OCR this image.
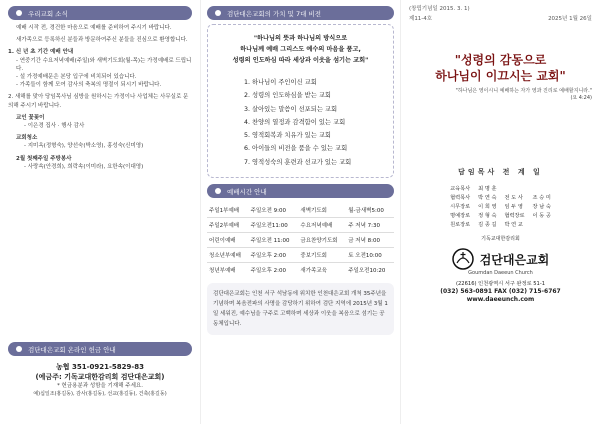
우리교회 소식

예배 시작 전, 경건한 마음으로 예배를 준비하여 주시기 바랍니다.

새가족으로 등록하신 분들과 방문하여주신 분들을 진심으로 환영합니다.

1. 신 년 초 기간 예배 안내

- 연중기간 수요저녁예배(주일)와 새벽기도회(월-목)는 가정예배로 드립니다.

- 설 가정예배문은 본당 입구에 비치되어 있습니다.

- 가족들이 함께 모여 감사의 축복의 명절이 되시기 바랍니다.

2. 새해를 맞아 당임목사님 심방을 원하시는 가정이나 사업체는 사무실로 문의해 주시기 바랍니다.

교인 꽃꽂이

- 이은경 집사 · 행사 감사

교회청소

- 지미옥(정형숙), 양선숙(박소영), 홍성숙(신미영)

2월 첫째주일 주방봉사

- 사랑속(안경희), 희락속(이미라), 요한속(이대영)

검단대은교회 온라인 헌금 안내
농협 351-0921-5829-83
(예금주: 기독교대한감리회 검단대은교회)
* 헌금용분과 성함을 기재해 주세요.
예)십일조(홍길동), 감사(홍길동), 선교(홍길동), 건축(홍길동)
검단대은교회의 가치 및 7대 비전
"하나님의 뜻과 하나님의 방식으로
하나님께 예배 그리스도 예수의 마음을 품고,
성령의 인도하심 따라 세상과 이웃을 섬기는 교회"
1. 하나님이 주인이신 교회
2. 성령의 인도하심을 받는 교회
3. 살아있는 말씀이 선포되는 교회
4. 찬양의 열정과 감격함이 있는 교회
5. 영적회복과 치유가 있는 교회
6. 아이들의 비전을 품을 수 있는 교회
7. 영적성숙의 훈련과 선교가 있는 교회
예배시간 안내
주일1부예배	주일오전 9:00	새벽기도회	월-금새벽5:00
주일2부예배	주일오전11:00	수요저녁예배	주 저녁 7:30
어린이예배	주일오전 11:00	금요찬양기도회	금 저녁 8:00
청소년부예배	주일오후 2:00	중보기도회	토 오전10:00
청년부예배	주일오후 2:00	새가족교육	주일오전10:20
검단대은교회는 인천 서구 석남동에 위치한 인천대은교회 개척 35주년을 기념하며 복음전파의 사명을 감당하기 위하여 검단 지역에 2015년 3월 1일 세워진, 예수님을 구주로 고백하며 세상과 이웃을 복음으로 섬기는 공동체입니다.
(창립기념일 2015. 3. 1)
제11-4호	2025년 1월 26일
"성령의 감동으로
하나님이 이끄시는 교회"
"하나님은 영이시니 예배하는 자가 영과 진리로 예배할지니라."
(요 4:24)
담임목사 전 계 일
교육목사	최 명 훈		
협력목사	박 연 숙	전 도 사	조 승 미
시무장로	이 희 영	임 두 영	장 남 숙
명예장로	정 형 숙	협력장로	이 동 공
원로장로	김 종 길	박 연 교	
기독교대한감리회
검단대은교회
Goumdan Daeeun Church
(22616) 인천광역시 서구 완정로 51-1
(032) 563-0891 FAX (032) 715-6767
www.daeeunch.com
